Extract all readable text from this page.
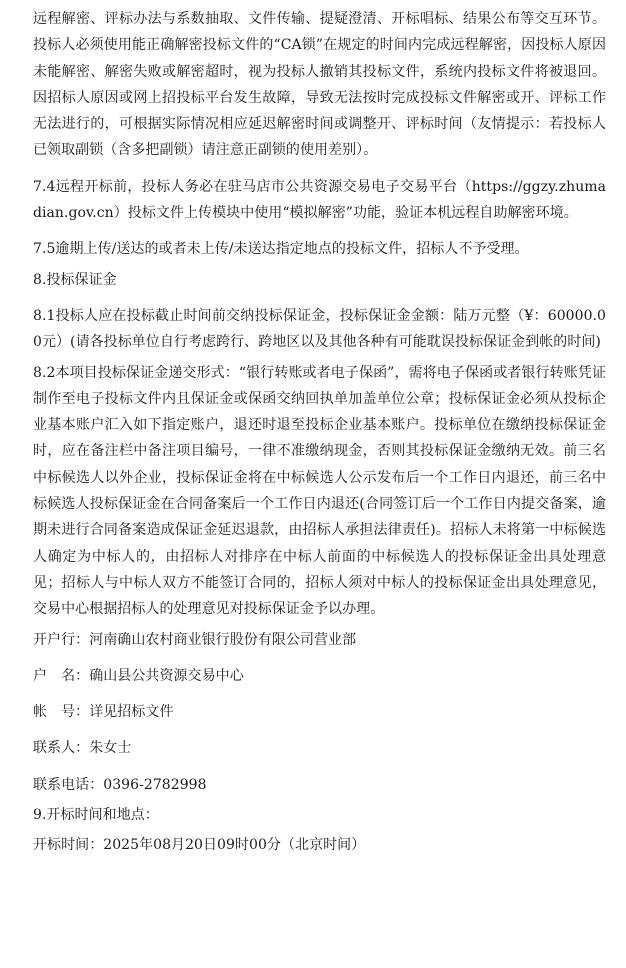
远程解密、评标办法与系数抽取、文件传输、提疑澄清、开标唱标、结果公布等交互环节。投标人必须使用能正确解密投标文件的“CA锁”在规定的时间内完成远程解密，因投标人原因未能解密、解密失败或解密超时，视为投标人撤销其投标文件，系统内投标文件将被退回。因招标人原因或网上招投标平台发生故障，导致无法按时完成投标文件解密或开、评标工作无法进行的，可根据实际情况相应延迟解密时间或调整开、评标时间（友情提示：若投标人已领取副锁（含多把副锁）请注意正副锁的使用差别）。

7.4远程开标前，投标人务必在驻马店市公共资源交易电子交易平台（https://ggzy.zhumadian.gov.cn）投标文件上传模块中使用“模拟解密”功能，验证本机远程自助解密环境。

7.5逾期上传/送达的或者未上传/未送达指定地点的投标文件，招标人不予受理。

8.投标保证金

8.1投标人应在投标截止时间前交纳投标保证金，投标保证金金额：陆万元整（¥：60000.00元）(请各投标单位自行考虑跨行、跨地区以及其他各种有可能耽误投标保证金到帐的时间)

8.2本项目投标保证金递交形式：“银行转账或者电子保函”，需将电子保函或者银行转账凭证制作至电子投标文件内且保证金或保函交纳回执单加盖单位公章；投标保证金必须从投标企业基本账户汇入如下指定账户，退还时退至投标企业基本账户。投标单位在缴纳投标保证金时，应在备注栏中备注项目编号，一律不准缴纳现金，否则其投标保证金缴纳无效。前三名中标候选人以外企业，投标保证金将在中标候选人公示发布后一个工作日内退还，前三名中标候选人投标保证金在合同备案后一个工作日内退还(合同签订后一个工作日内提交备案，逾期未进行合同备案造成保证金延迟退款，由招标人承担法律责任)。招标人未将第一中标候选人确定为中标人的，由招标人对排序在中标人前面的中标候选人的投标保证金出具处理意见；招标人与中标人双方不能签订合同的，招标人须对中标人的投标保证金出具处理意见，交易中心根据招标人的处理意见对投标保证金予以办理。

开户行：河南确山农村商业银行股份有限公司营业部

户　名：确山县公共资源交易中心

帐　号：详见招标文件

联系人：朱女士

联系电话：0396-2782998

9.开标时间和地点：

开标时间：2025年08月20日09时00分（北京时间）
